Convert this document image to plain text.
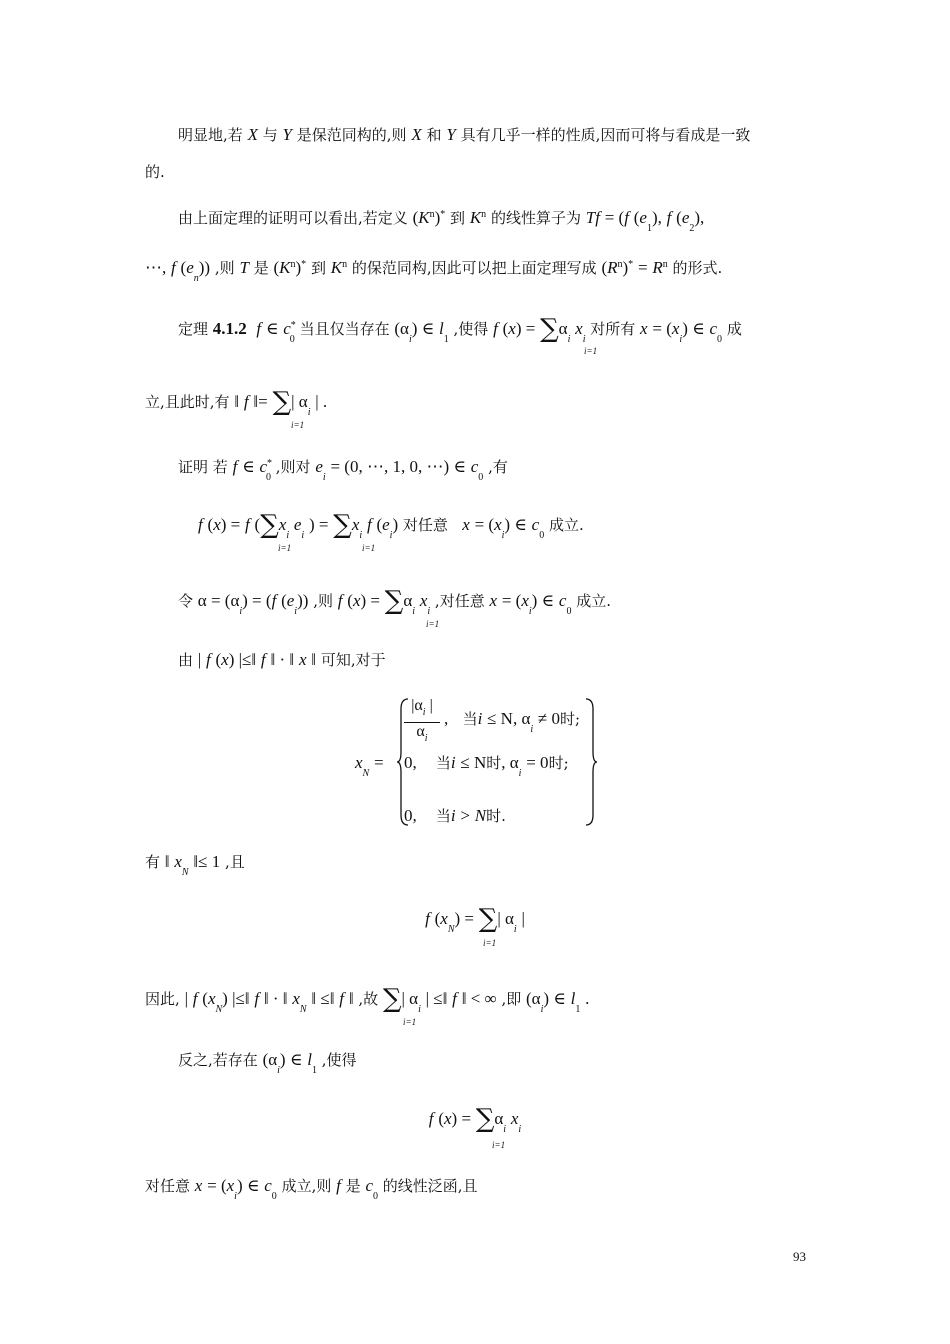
明显地,若 X 与 Y 是保范同构的,则 X 和 Y 具有几乎一样的性质,因而可将与看成是一致
的.
由上面定理的证明可以看出,若定义 $(K^n)^*$ 到 $K^n$ 的线性算子为 Tf = (f $(e_1)$, f $(e_2)$,
⋯, f $(e_n)$) ,则 T 是 $(K^n)^*$ 到 $K^n$ 的保范同构,因此可以把上面定理写成 $(R^n)^* = R^n$ 的形式.
定理 4.1.2 f ∈ $c^*_0$ 当且仅当存在 $(\alpha_i)$ ∈ $l_1$ ,使得 f $(x) = \sum\alpha_i$ $x_i$ 对所有 $x = (x_i)$ ∈ $c_0$ 成
i=1
立,且此时,有 ‖ f ‖= ∑| $\alpha_i$ | .
i=1
证明 若 f ∈ $c^*_0$ ,则对 $e_i = (0$, ⋯, 1, 0, ⋯) ∈ $c_0$ ,有
f (x) = f ($\sum x_i$ $e_i$ ) = $\sum x_i$ f $(e_i)$ 对任意 $x = (x_i)$ ∈ $c_0$ 成立.
i=1	i=1
令 $\alpha = (\alpha_i) = (f$ $(e_i)$) ,则 f $(x) = \sum\alpha_i$ $x_i$ ,对任意 $x = (x_i)$ ∈ $c_0$ 成立.
i=1
由 | f (x) |≤‖ f ‖ · ‖ x ‖ 可知,对于
$x_N$ =
$|\alpha_i$ |
$\alpha_i$
, 当i ≤ N, $\alpha_i \ne 0$时;
0, 当i ≤ N时, $\alpha_i = 0$时;
0, 当i > N时.
有 ‖ $x_N$ ‖≤ 1 ,且
f $(x_N)$ = ∑| $\alpha_i$ |
i=1
因此, | f $(x_N)$ |≤‖ f ‖ · ‖ $x_N$ ‖ ≤‖ f ‖ ,故 ∑| $\alpha_i$ | ≤‖ f ‖ < ∞ ,即 $(\alpha_i)$ ∈ $l_1$ .
i=1
反之,若存在 $(\alpha_i)$ ∈ $l_1$ ,使得
f $(x) = \sum\alpha_i$ $x_i$
i=1
对任意 $x = (x_i)$ ∈ $c_0$ 成立,则 f 是 $c_0$ 的线性泛函,且
93
